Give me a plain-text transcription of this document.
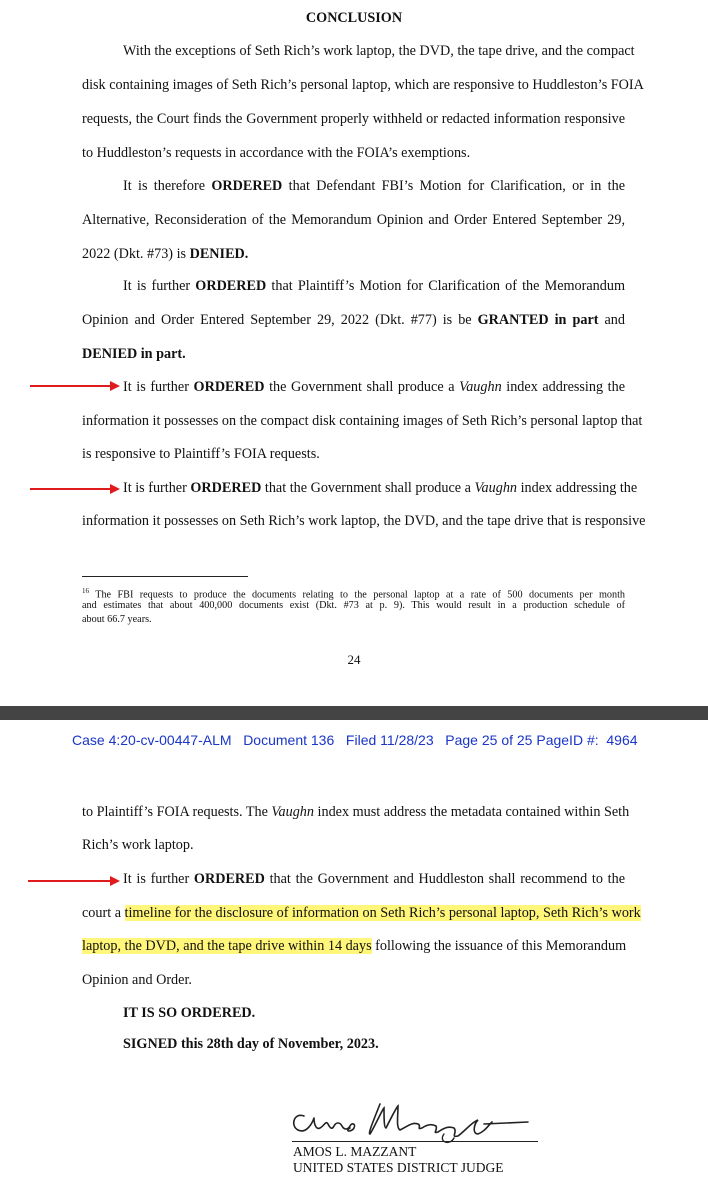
CONCLUSION
With the exceptions of Seth Rich’s work laptop, the DVD, the tape drive, and the compact
disk containing images of Seth Rich’s personal laptop, which are responsive to Huddleston’s FOIA
requests, the Court finds the Government properly withheld or redacted information responsive
to Huddleston’s requests in accordance with the FOIA’s exemptions.
It is therefore ORDERED that Defendant FBI’s Motion for Clarification, or in the
Alternative, Reconsideration of the Memorandum Opinion and Order Entered September 29,
2022 (Dkt. #73) is DENIED.
It is further ORDERED that Plaintiff’s Motion for Clarification of the Memorandum
Opinion and Order Entered September 29, 2022 (Dkt. #77) is be GRANTED in part and
DENIED in part.
It is further ORDERED the Government shall produce a Vaughn index addressing the
information it possesses on the compact disk containing images of Seth Rich’s personal laptop that
is responsive to Plaintiff’s FOIA requests.
It is further ORDERED that the Government shall produce a Vaughn index addressing the
information it possesses on Seth Rich’s work laptop, the DVD, and the tape drive that is responsive
$^{16}$ The FBI requests to produce the documents relating to the personal laptop at a rate of 500 documents per month
and estimates that about 400,000 documents exist (Dkt. #73 at p. 9). This would result in a production schedule of
about 66.7 years.
24
Case 4:20-cv-00447-ALM   Document 136   Filed 11/28/23   Page 25 of 25 PageID #:  4964
to Plaintiff’s FOIA requests. The Vaughn index must address the metadata contained within Seth
Rich’s work laptop.
It is further ORDERED that the Government and Huddleston shall recommend to the
court a timeline for the disclosure of information on Seth Rich’s personal laptop, Seth Rich’s work
laptop, the DVD, and the tape drive within 14 days following the issuance of this Memorandum
Opinion and Order.
IT IS SO ORDERED.
SIGNED this 28th day of November, 2023.
AMOS L. MAZZANT
UNITED STATES DISTRICT JUDGE
